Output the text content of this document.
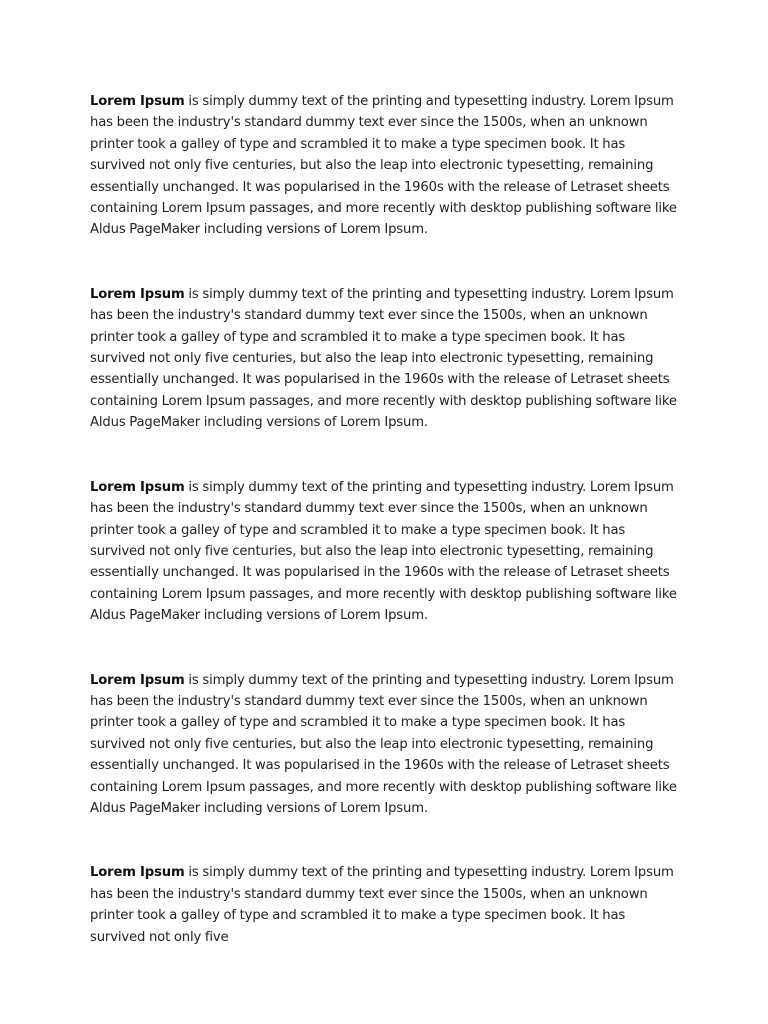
Lorem Ipsum is simply dummy text of the printing and typesetting industry. Lorem Ipsum has been the industry's standard dummy text ever since the 1500s, when an unknown printer took a galley of type and scrambled it to make a type specimen book. It has survived not only five centuries, but also the leap into electronic typesetting, remaining essentially unchanged. It was popularised in the 1960s with the release of Letraset sheets containing Lorem Ipsum passages, and more recently with desktop publishing software like Aldus PageMaker including versions of Lorem Ipsum.

Lorem Ipsum is simply dummy text of the printing and typesetting industry. Lorem Ipsum has been the industry's standard dummy text ever since the 1500s, when an unknown printer took a galley of type and scrambled it to make a type specimen book. It has survived not only five centuries, but also the leap into electronic typesetting, remaining essentially unchanged. It was popularised in the 1960s with the release of Letraset sheets containing Lorem Ipsum passages, and more recently with desktop publishing software like Aldus PageMaker including versions of Lorem Ipsum.

Lorem Ipsum is simply dummy text of the printing and typesetting industry. Lorem Ipsum has been the industry's standard dummy text ever since the 1500s, when an unknown printer took a galley of type and scrambled it to make a type specimen book. It has survived not only five centuries, but also the leap into electronic typesetting, remaining essentially unchanged. It was popularised in the 1960s with the release of Letraset sheets containing Lorem Ipsum passages, and more recently with desktop publishing software like Aldus PageMaker including versions of Lorem Ipsum.

Lorem Ipsum is simply dummy text of the printing and typesetting industry. Lorem Ipsum has been the industry's standard dummy text ever since the 1500s, when an unknown printer took a galley of type and scrambled it to make a type specimen book. It has survived not only five centuries, but also the leap into electronic typesetting, remaining essentially unchanged. It was popularised in the 1960s with the release of Letraset sheets containing Lorem Ipsum passages, and more recently with desktop publishing software like Aldus PageMaker including versions of Lorem Ipsum.

Lorem Ipsum is simply dummy text of the printing and typesetting industry. Lorem Ipsum has been the industry's standard dummy text ever since the 1500s, when an unknown printer took a galley of type and scrambled it to make a type specimen book. It has survived not only five
